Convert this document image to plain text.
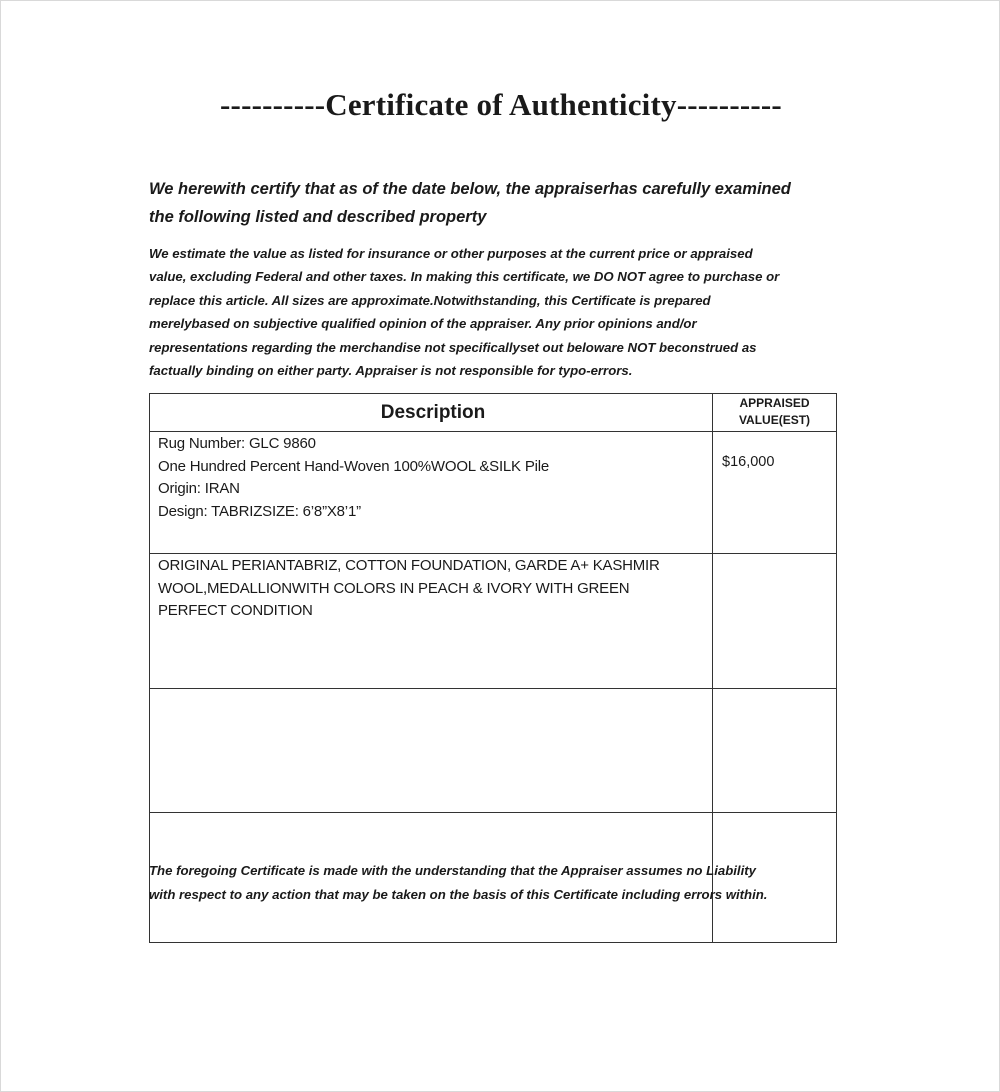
----------Certificate of Authenticity----------
We herewith certify that as of the date below, the appraiserhas carefully examined
the following listed and described property
We estimate the value as listed for insurance or other purposes at the current price or appraised
value, excluding Federal and other taxes. In making this certificate, we DO NOT agree to purchase or
replace this article. All sizes are approximate.Notwithstanding, this Certificate is prepared
merelybased on subjective qualified opinion of the appraiser. Any prior opinions and/or
representations regarding the merchandise not specificallyset out beloware NOT beconstrued as
factually binding on either party. Appraiser is not responsible for typo-errors.
Description	APPRAISED
VALUE(EST)

Rug Number: GLC 9860
One Hundred Percent Hand-Woven 100%WOOL &SILK Pile
Origin: IRAN
Design: TABRIZSIZE: 6’8”X8’1”	$16,000

ORIGINAL PERIANTABRIZ, COTTON FOUNDATION, GARDE A+ KASHMIR
WOOL,MEDALLIONWITH COLORS IN PEACH & IVORY WITH GREEN
PERFECT CONDITION	

The foregoing Certificate is made with the understanding that the Appraiser assumes no Liability
with respect to any action that may be taken on the basis of this Certificate including errors within.
